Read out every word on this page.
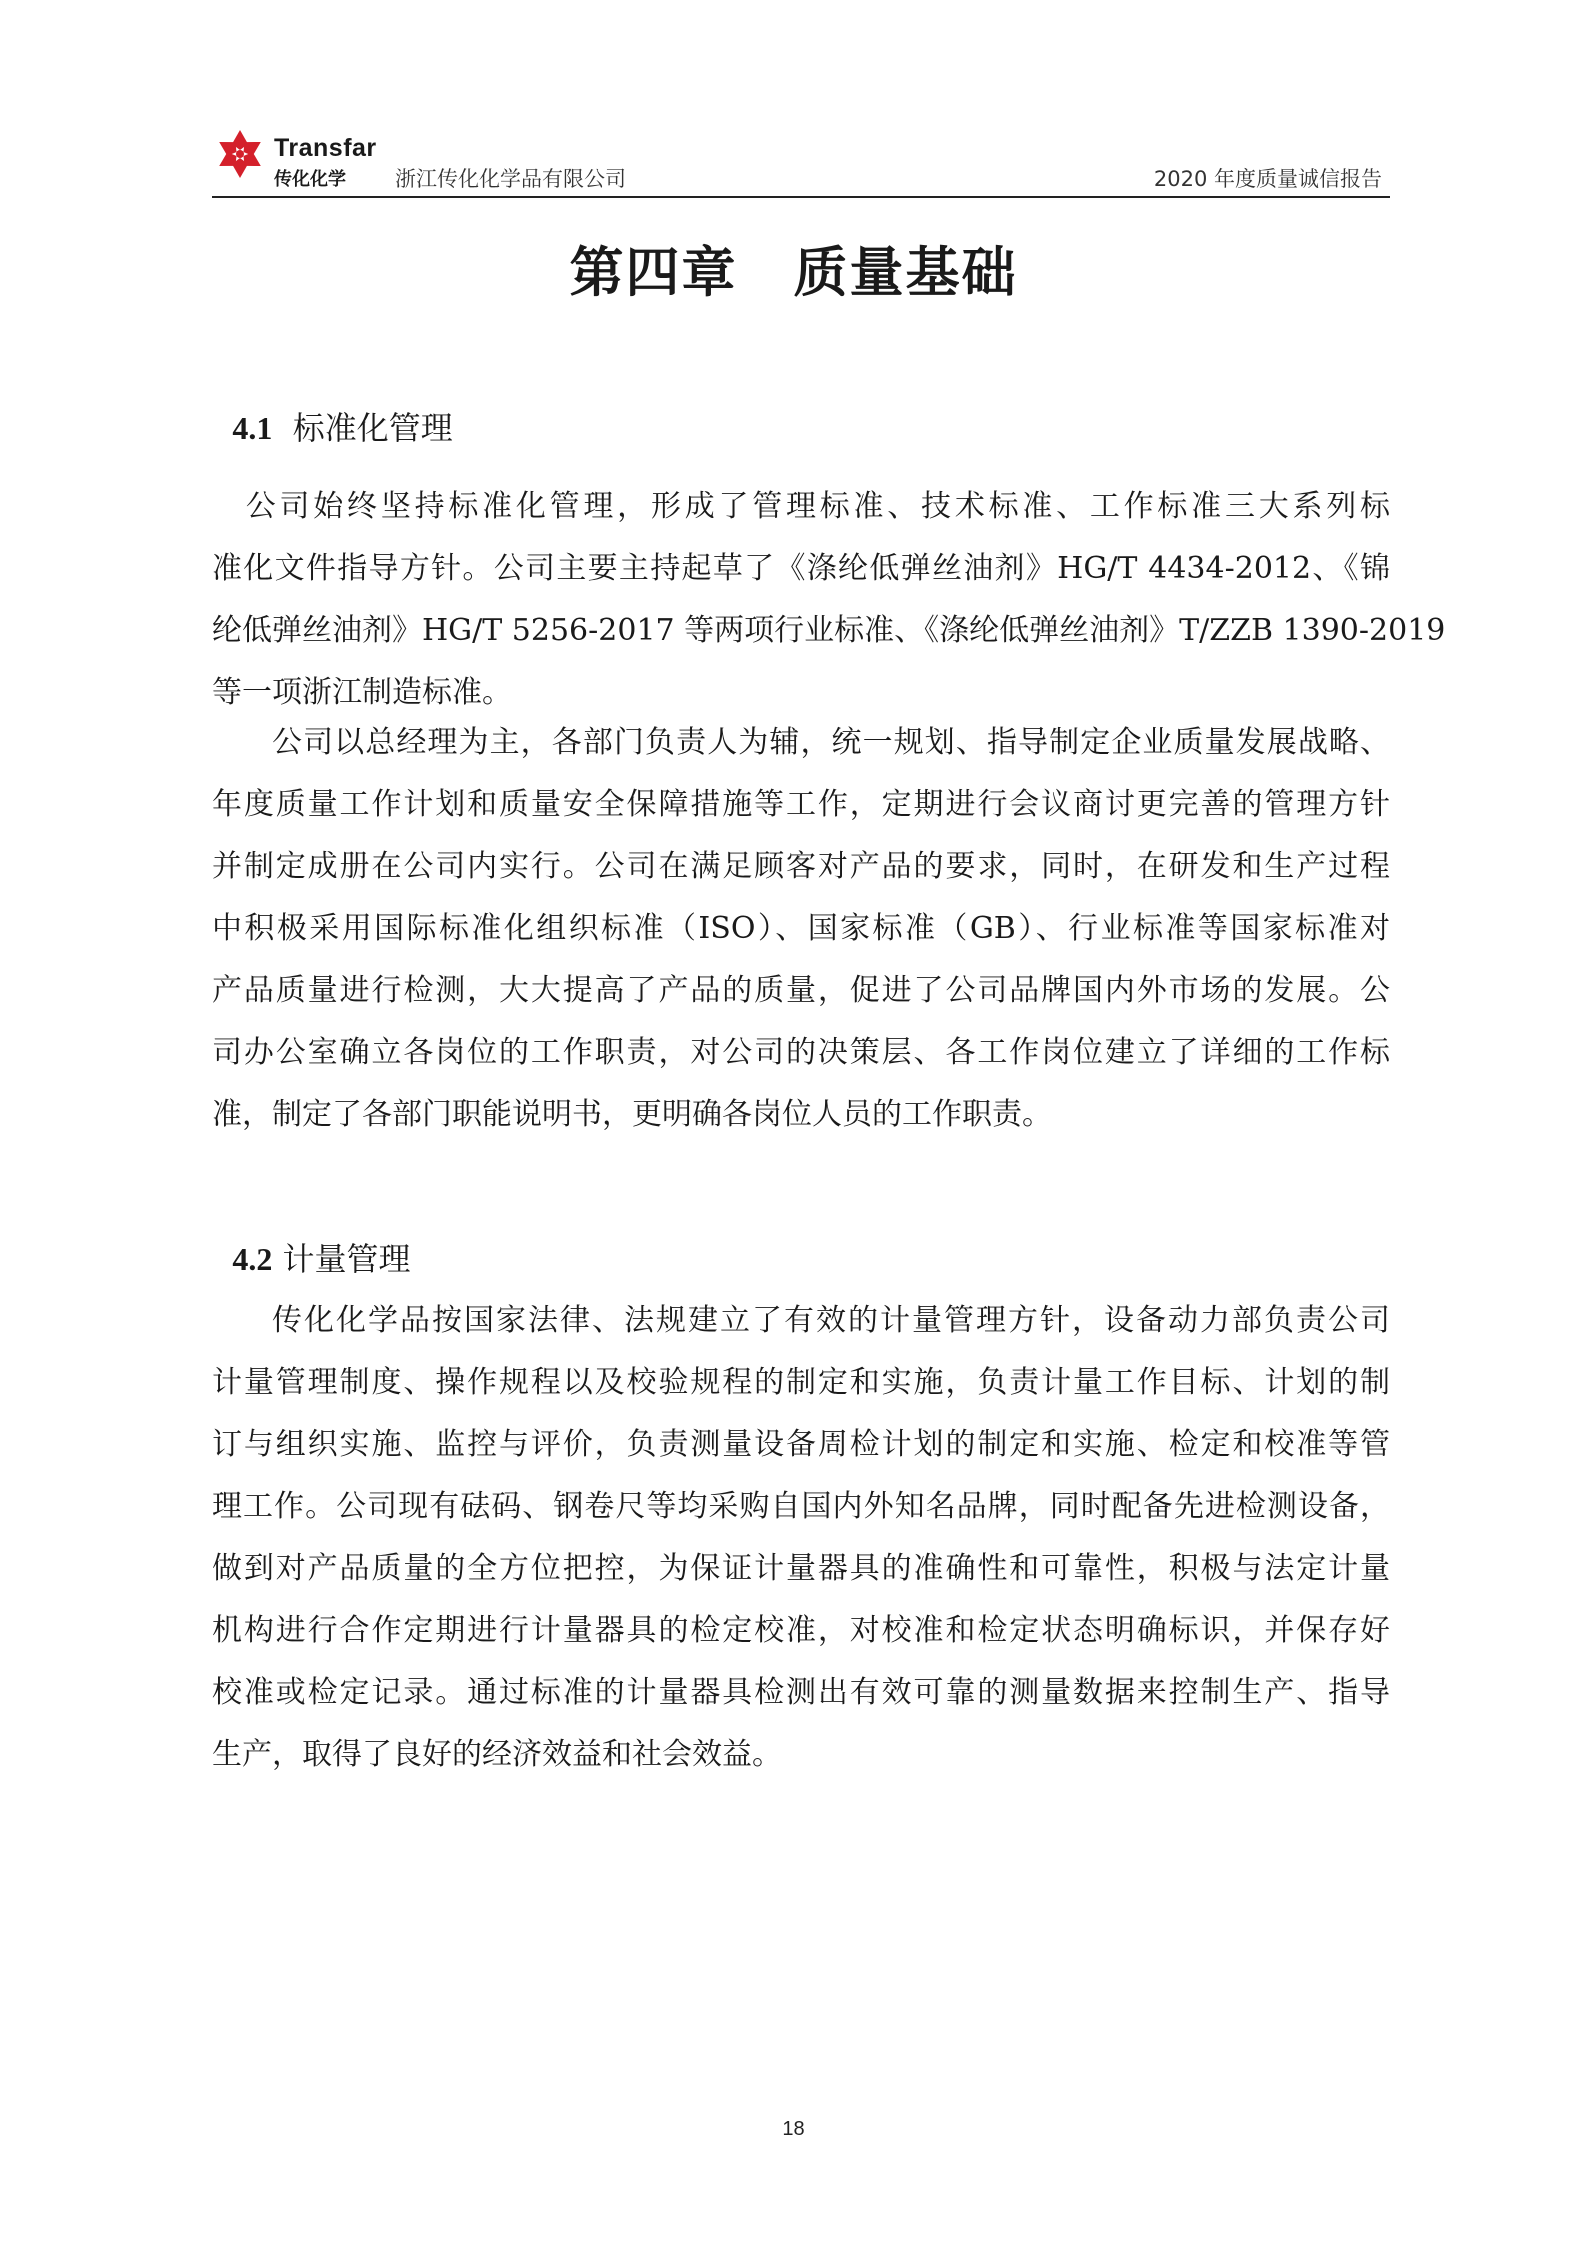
Transfar
传化化学 浙江传化化学品有限公司	2020 年度质量诚信报告
第四章　质量基础

4.1 标准化管理

　公司始终坚持标准化管理，形成了管理标准、技术标准、工作标准三大系列标
准化文件指导方针。公司主要主持起草了《涤纶低弹丝油剂》HG/T 4434-2012、《锦
纶低弹丝油剂》HG/T 5256-2017 等两项行业标准、《涤纶低弹丝油剂》T/ZZB 1390-2019
等一项浙江制造标准。
公司以总经理为主，各部门负责人为辅，统一规划、指导制定企业质量发展战略、
年度质量工作计划和质量安全保障措施等工作，定期进行会议商讨更完善的管理方针
并制定成册在公司内实行。公司在满足顾客对产品的要求，同时，在研发和生产过程
中积极采用国际标准化组织标准（ISO）、国家标准（GB）、行业标准等国家标准对
产品质量进行检测，大大提高了产品的质量，促进了公司品牌国内外市场的发展。公
司办公室确立各岗位的工作职责，对公司的决策层、各工作岗位建立了详细的工作标
准，制定了各部门职能说明书，更明确各岗位人员的工作职责。

4.2 计量管理

传化化学品按国家法律、法规建立了有效的计量管理方针，设备动力部负责公司
计量管理制度、操作规程以及校验规程的制定和实施，负责计量工作目标、计划的制
订与组织实施、监控与评价，负责测量设备周检计划的制定和实施、检定和校准等管
理工作。公司现有砝码、钢卷尺等均采购自国内外知名品牌，同时配备先进检测设备，
做到对产品质量的全方位把控，为保证计量器具的准确性和可靠性，积极与法定计量
机构进行合作定期进行计量器具的检定校准，对校准和检定状态明确标识，并保存好
校准或检定记录。通过标准的计量器具检测出有效可靠的测量数据来控制生产、指导
生产，取得了良好的经济效益和社会效益。
18
